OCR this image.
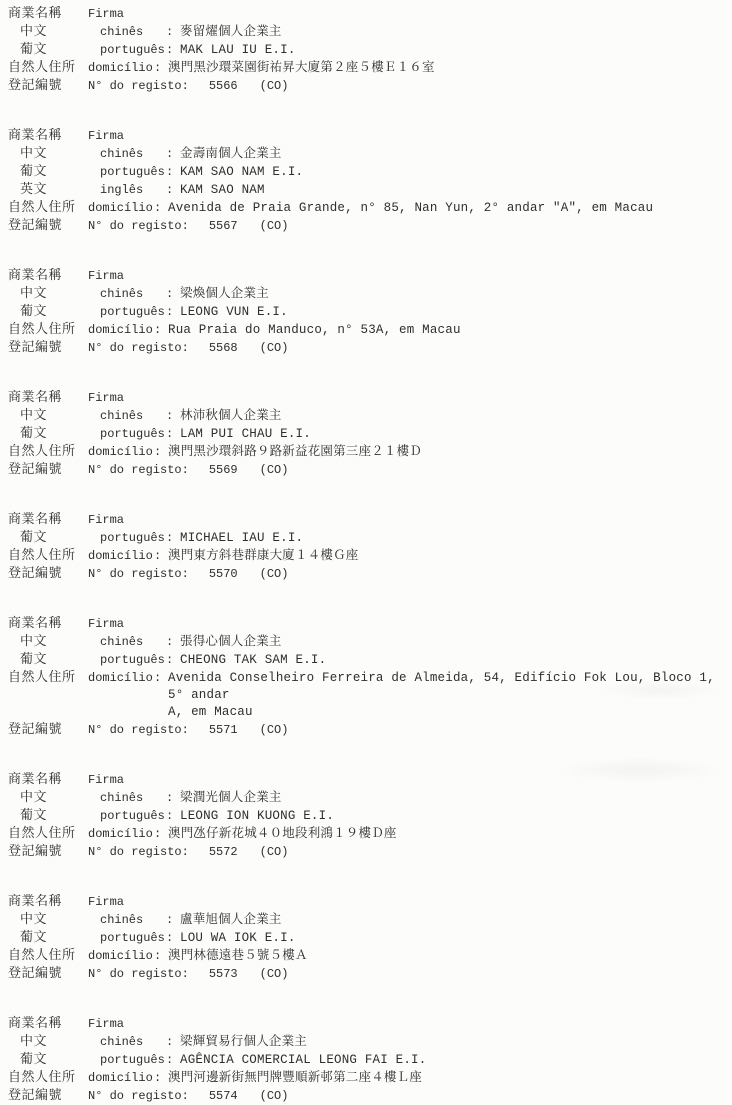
商業名稱	Firma
中文	chinês	: 麥留燿個人企業主
葡文	português : MAK LAU IU E.I.
自然人住所	domicílio : 澳門黑沙環菜園街祐昇大廈第２座５樓Ｅ１６室
登記編號	N° do registo: 5566 (CO)
商業名稱	Firma
中文	chinês	: 金壽南個人企業主
葡文	português : KAM SAO NAM E.I.
英文	inglês	: KAM SAO NAM
自然人住所	domicílio : Avenida de Praia Grande, n° 85, Nan Yun, 2° andar "A", em Macau
登記編號	N° do registo: 5567 (CO)
商業名稱	Firma
中文	chinês	: 梁煥個人企業主
葡文	português : LEONG VUN E.I.
自然人住所	domicílio : Rua Praia do Manduco, n° 53A, em Macau
登記編號	N° do registo: 5568 (CO)
商業名稱	Firma
中文	chinês	: 林沛秋個人企業主
葡文	português : LAM PUI CHAU E.I.
自然人住所	domicílio : 澳門黑沙環斜路９路新益花園第三座２１樓Ｄ
登記編號	N° do registo: 5569 (CO)
商業名稱	Firma
葡文	português : MICHAEL IAU E.I.
自然人住所	domicílio : 澳門東方斜巷群康大廈１４樓Ｇ座
登記編號	N° do registo: 5570 (CO)
商業名稱	Firma
中文	chinês	: 張得心個人企業主
葡文	português : CHEONG TAK SAM E.I.
自然人住所	domicílio : Avenida Conselheiro Ferreira de Almeida, 54, Edifício Fok Lou, Bloco 1, 5° andar
A, em Macau
登記編號	N° do registo: 5571 (CO)
商業名稱	Firma
中文	chinês	: 梁潤光個人企業主
葡文	português : LEONG ION KUONG E.I.
自然人住所	domicílio : 澳門氹仔新花城４０地段利鴻１９樓Ｄ座
登記編號	N° do registo: 5572 (CO)
商業名稱	Firma
中文	chinês	: 盧華旭個人企業主
葡文	português : LOU WA IOK E.I.
自然人住所	domicílio : 澳門林德遠巷５號５樓Ａ
登記編號	N° do registo: 5573 (CO)
商業名稱	Firma
中文	chinês	: 梁輝貿易行個人企業主
葡文	português : AGÊNCIA COMERCIAL LEONG FAI E.I.
自然人住所	domicílio : 澳門河邊新街無門牌豐順新邨第二座４樓Ｌ座
登記編號	N° do registo: 5574 (CO)
